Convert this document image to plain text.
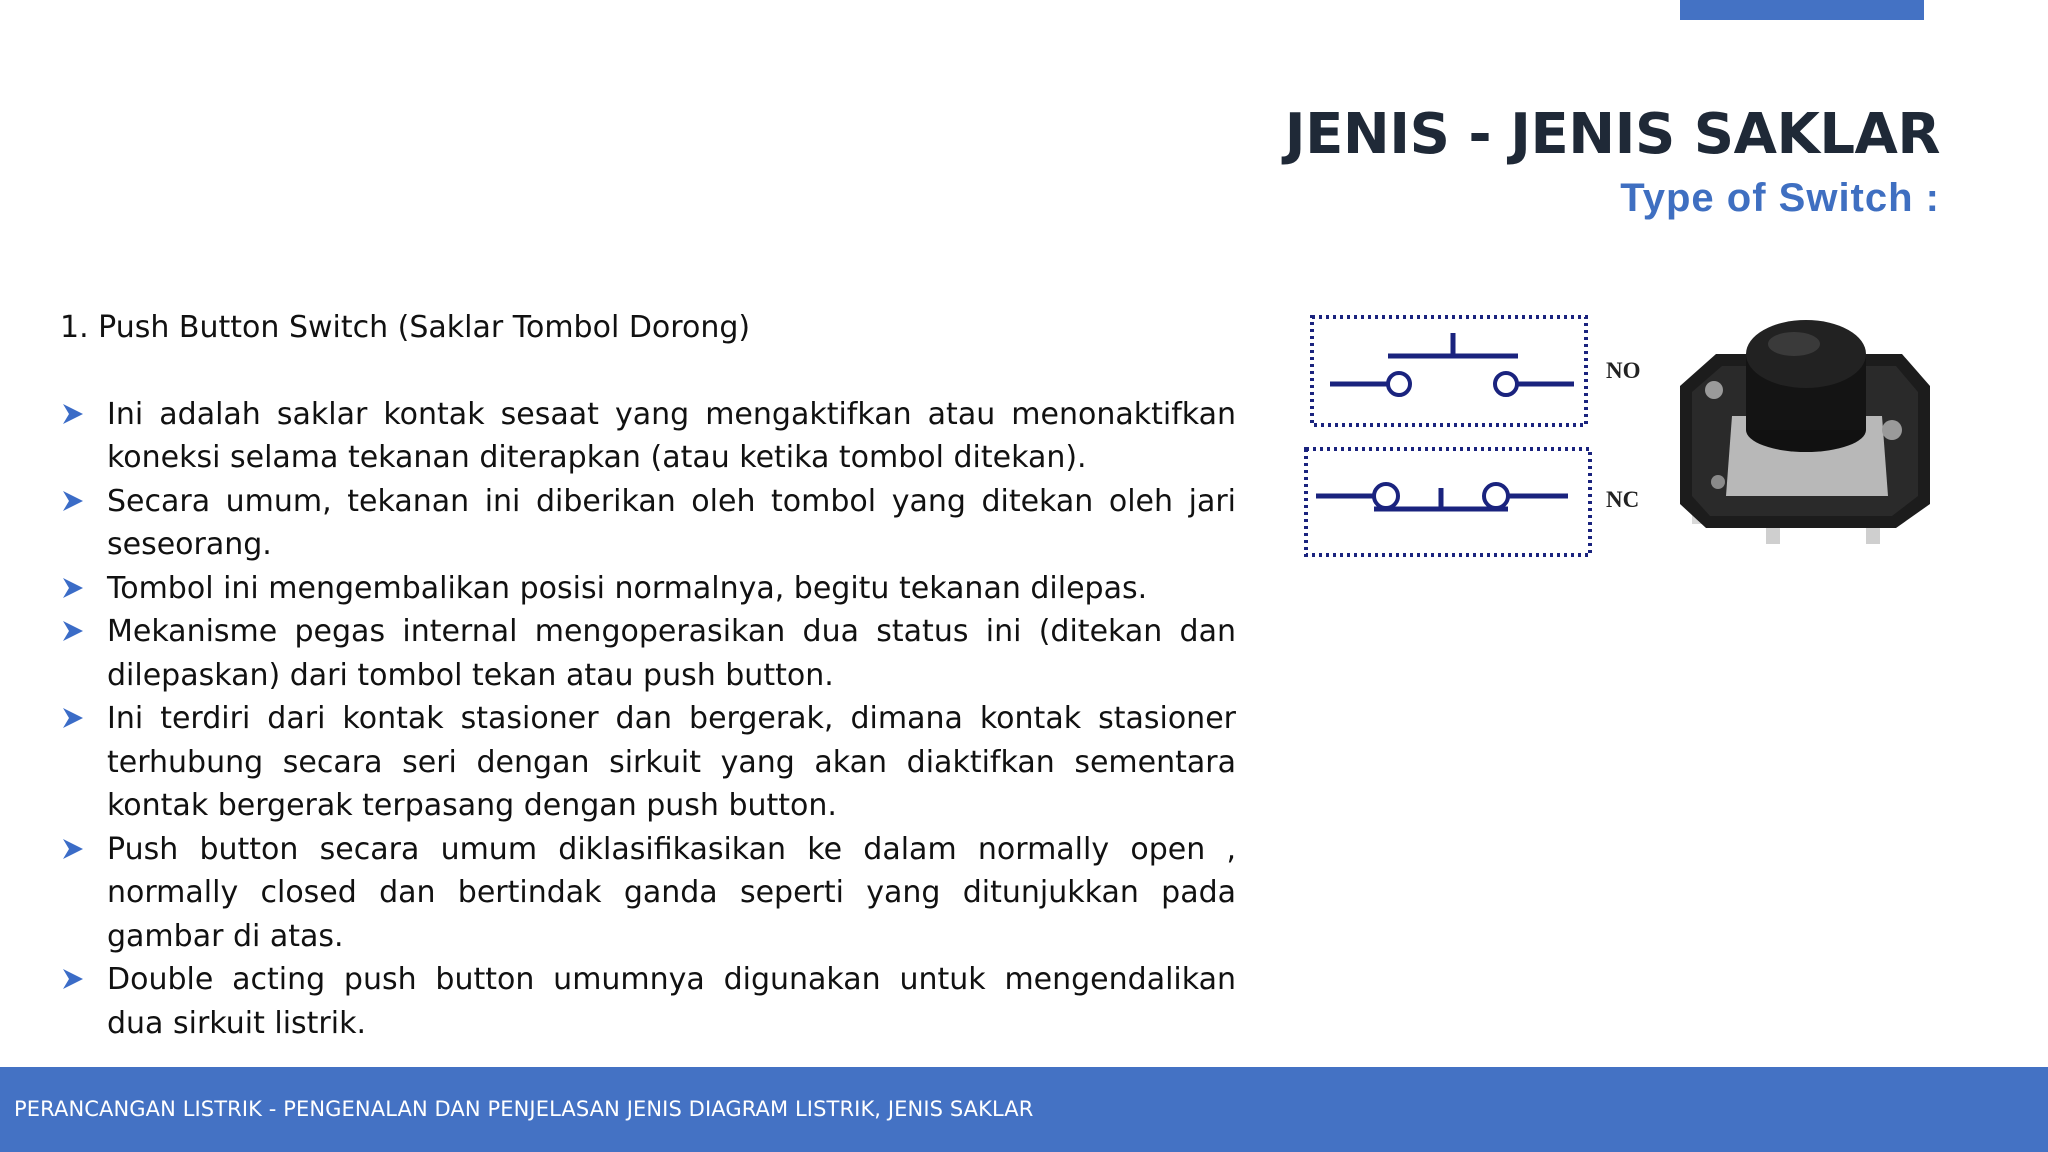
JENIS - JENIS SAKLAR
Type of Switch :

1. Push Button Switch (Saklar Tombol Dorong)

Ini adalah saklar kontak sesaat yang mengaktifkan atau menonaktifkan koneksi selama tekanan diterapkan (atau ketika tombol ditekan).
Secara umum, tekanan ini diberikan oleh tombol yang ditekan oleh jari seseorang.
Tombol ini mengembalikan posisi normalnya, begitu tekanan dilepas.
Mekanisme pegas internal mengoperasikan dua status ini (ditekan dan dilepaskan) dari tombol tekan atau push button.
Ini terdiri dari kontak stasioner dan bergerak, dimana kontak stasioner terhubung secara seri dengan sirkuit yang akan diaktifkan sementara kontak bergerak terpasang dengan push button.
Push button secara umum diklasifikasikan ke dalam normally open , normally closed dan bertindak ganda seperti yang ditunjukkan pada gambar di atas.
Double acting push button umumnya digunakan untuk mengendalikan dua sirkuit listrik.
NO
NC
PERANCANGAN LISTRIK - PENGENALAN DAN PENJELASAN JENIS DIAGRAM LISTRIK, JENIS SAKLAR
